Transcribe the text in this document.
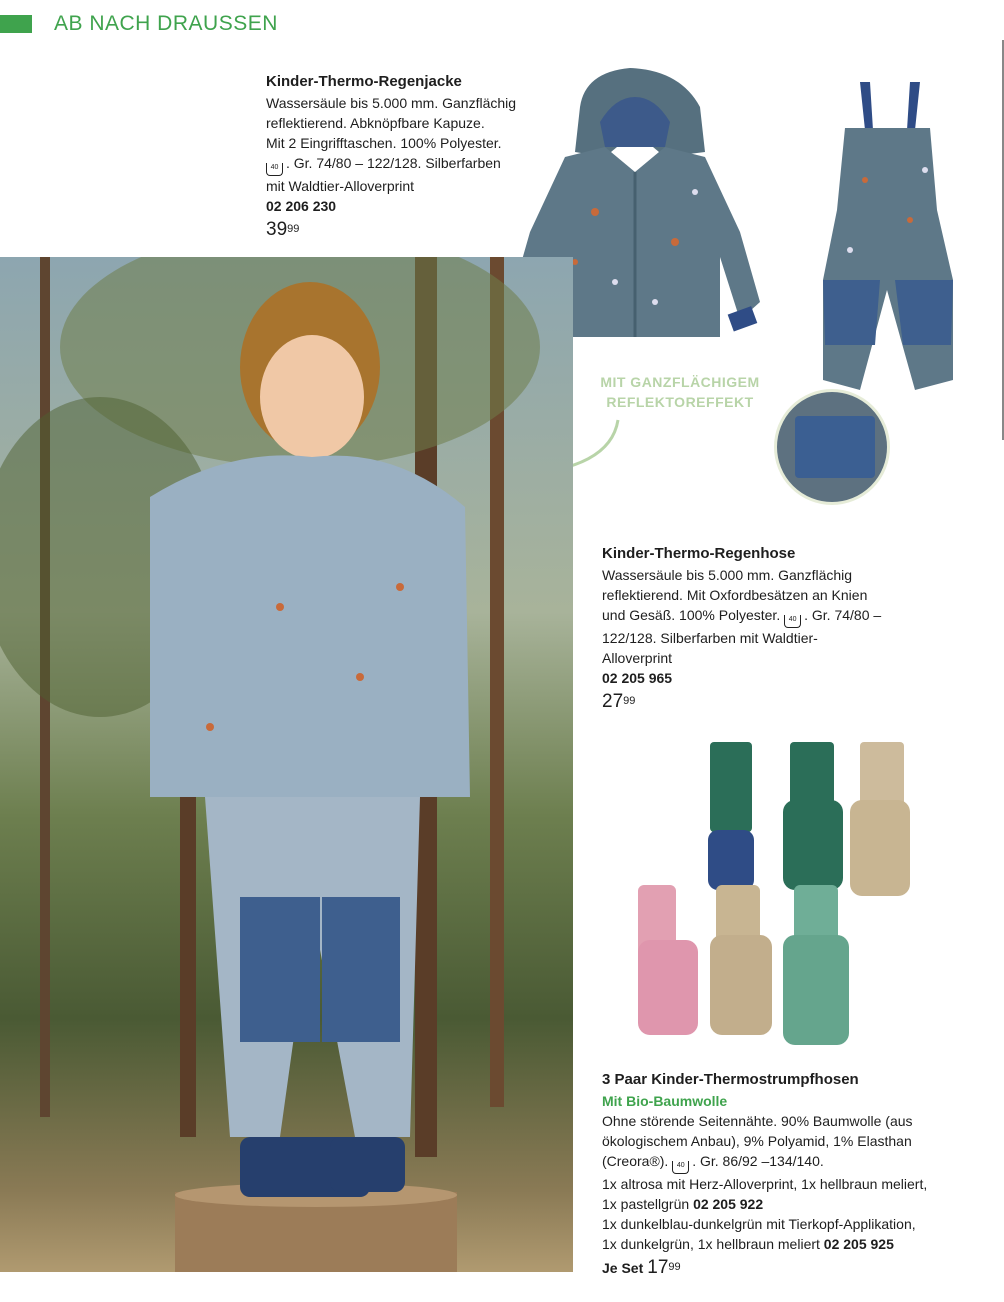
AB NACH DRAUSSEN
Kinder-Thermo-Regenjacke
Wassersäule bis 5.000 mm. Ganzflächig
reflektierend. Abknöpfbare Kapuze.
Mit 2 Eingrifftaschen. 100% Polyester.
40 . Gr. 74/80 – 122/128. Silberfarben
mit Waldtier-Alloverprint
02 206 230
$39^{99}$
MIT GANZFLÄCHIGEM
REFLEKTOREFFEKT
Kinder-Thermo-Regenhose
Wassersäule bis 5.000 mm. Ganzflächig
reflektierend. Mit Oxfordbesätzen an Knien
und Gesäß. 100% Polyester. 40 . Gr. 74/80 –
122/128. Silberfarben mit Waldtier-
Alloverprint
02 205 965
$27^{99}$
3 Paar Kinder-Thermostrumpfhosen
Mit Bio-Baumwolle
Ohne störende Seitennähte. 90% Baumwolle (aus
ökologischem Anbau), 9% Polyamid, 1% Elasthan
(Creora®). 40 . Gr. 86/92 –134/140.
1x altrosa mit Herz-Alloverprint, 1x hellbraun meliert,
1x pastellgrün 02 205 922
1x dunkelblau-dunkelgrün mit Tierkopf-Applikation,
1x dunkelgrün, 1x hellbraun meliert 02 205 925
Je Set $17^{99}$
